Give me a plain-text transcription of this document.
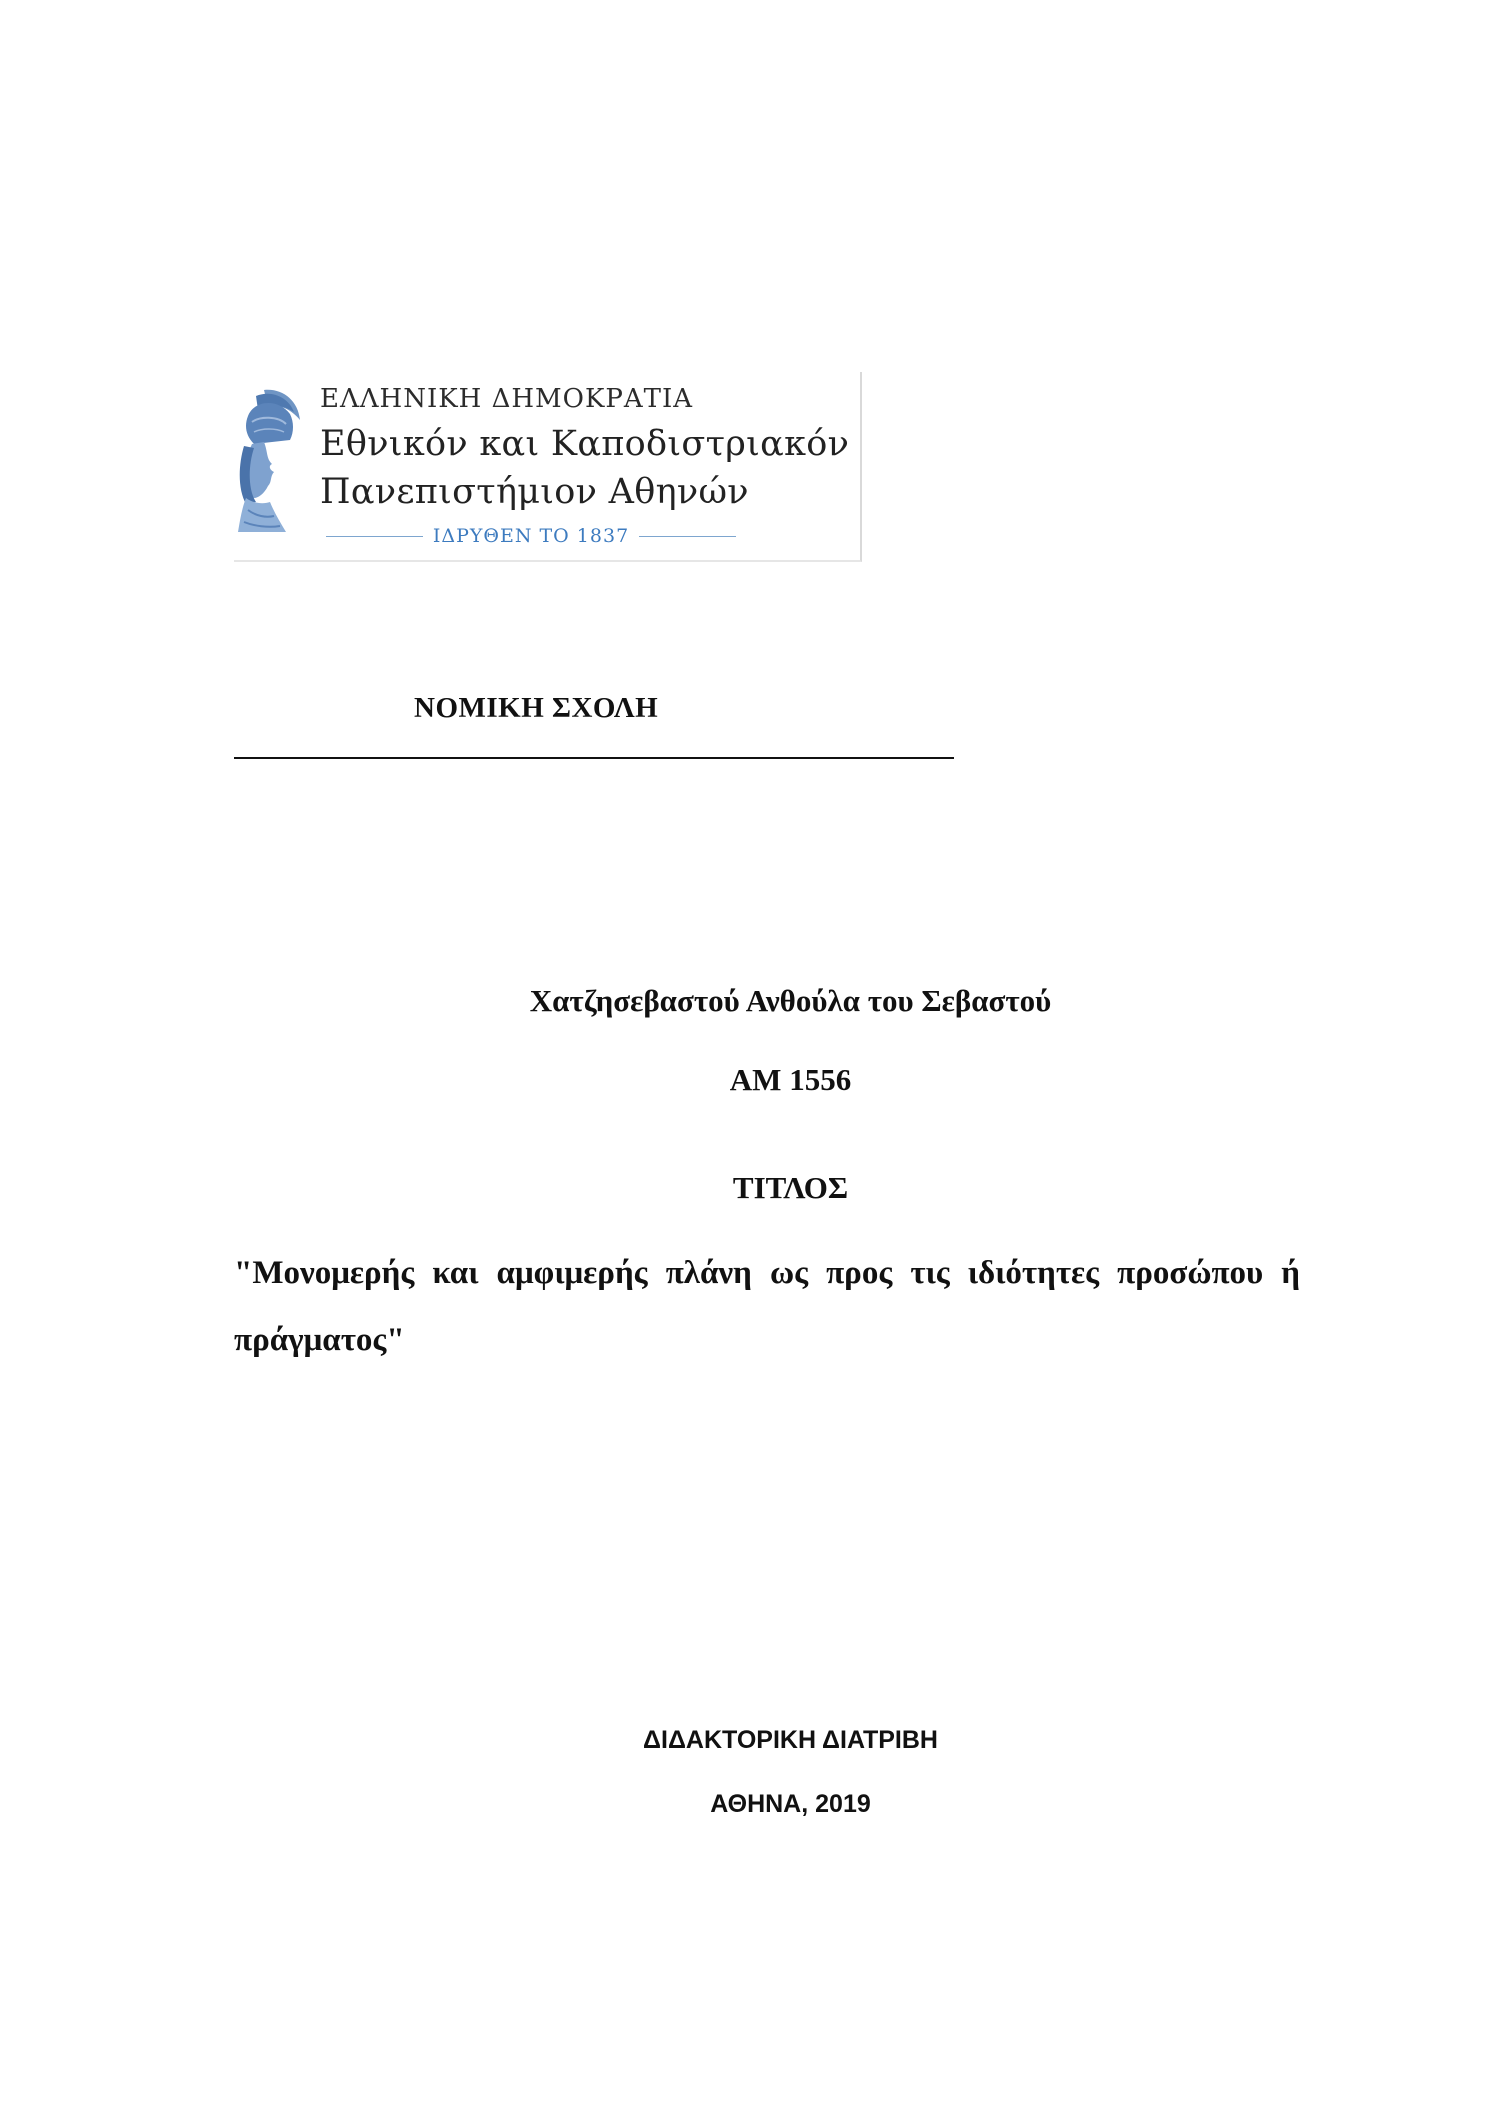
ΕΛΛΗΝΙΚΗ ΔΗΜΟΚΡΑΤΙΑ
Εθνικόν και Καποδιστριακόν
Πανεπιστήμιον Αθηνών
ΙΔΡΥΘΕΝ ΤΟ 1837
ΝΟΜΙΚΗ ΣΧΟΛΗ
Χατζησεβαστού Ανθούλα του Σεβαστού
ΑΜ 1556
ΤΙΤΛΟΣ
"Μονομερής και αμφιμερής πλάνη ως προς τις ιδιότητες προσώπου ή πράγματος"
ΔΙΔΑΚΤΟΡΙΚΗ ΔΙΑΤΡΙΒΗ
ΑΘΗΝΑ, 2019
